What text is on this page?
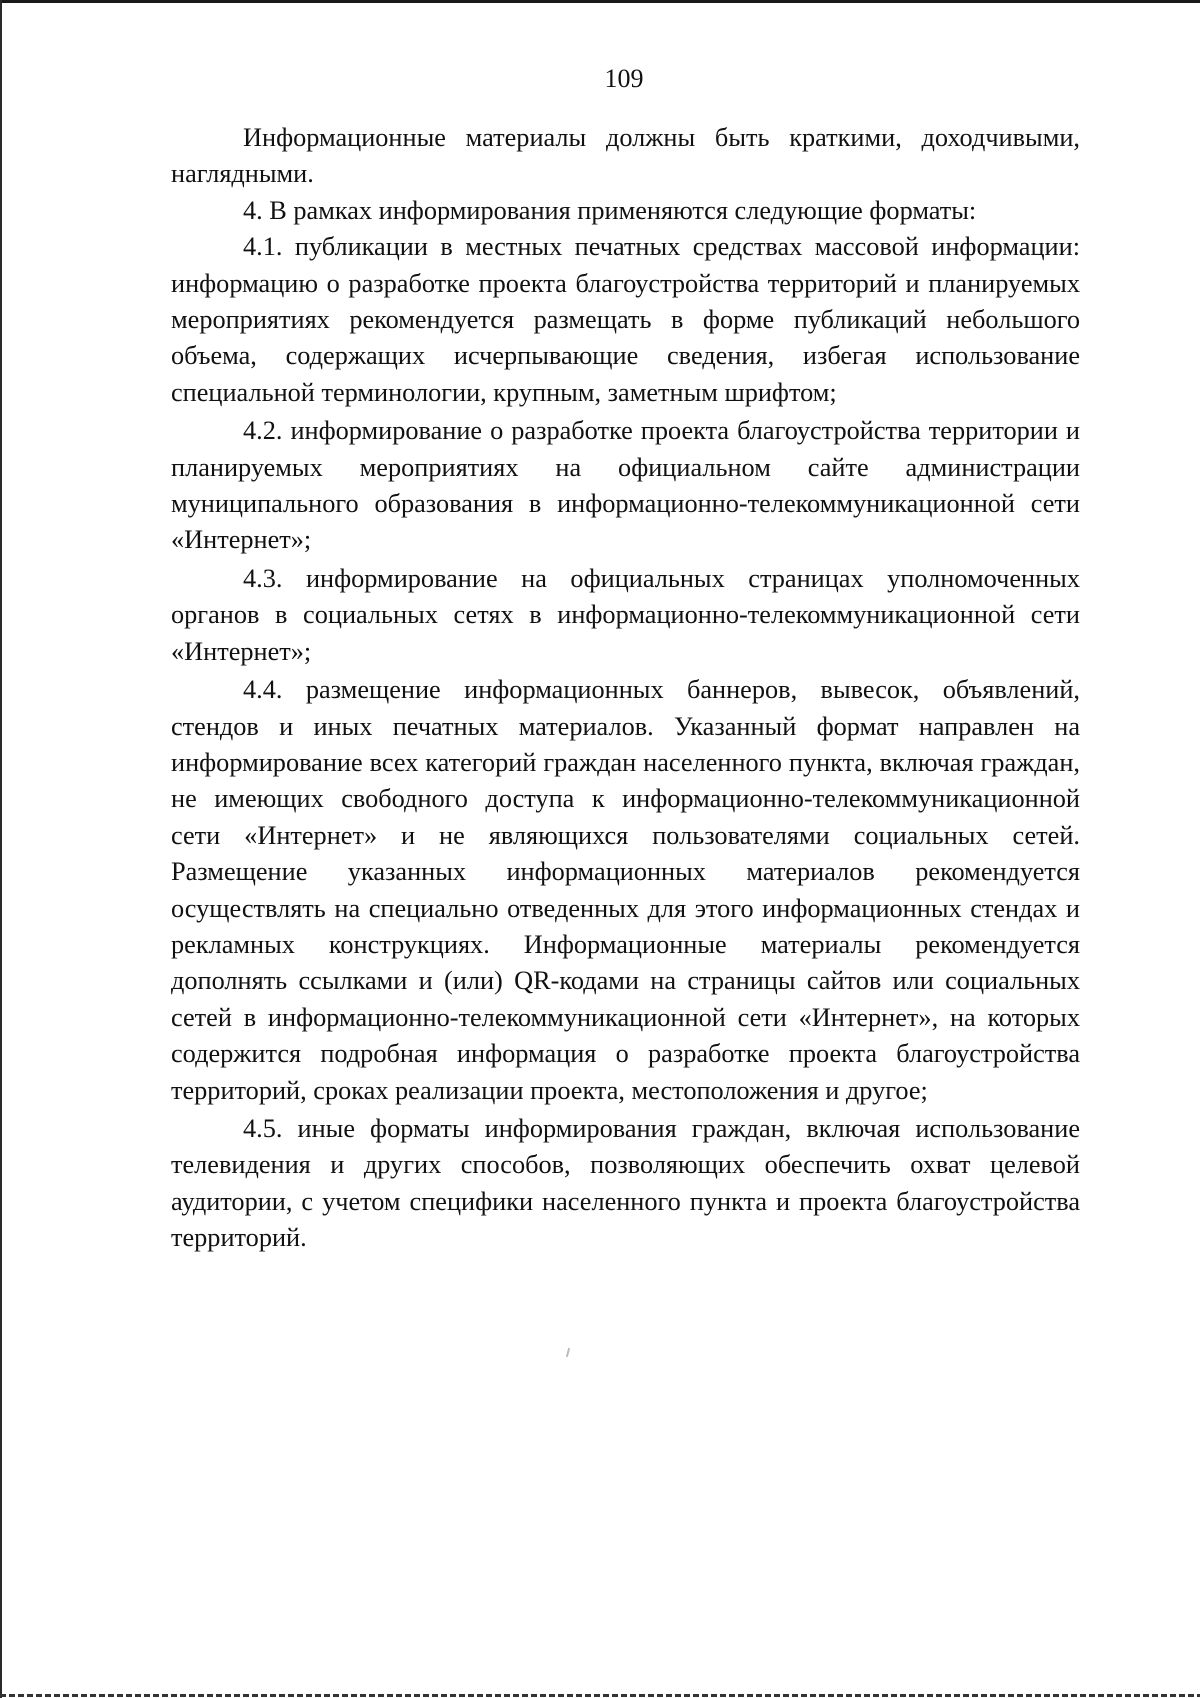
109

Информационные материалы должны быть краткими, доходчивыми, наглядными.

4. В рамках информирования применяются следующие форматы:

4.1. публикации в местных печатных средствах массовой информации: информацию о разработке проекта благоустройства территорий и планируемых мероприятиях рекомендуется размещать в форме публикаций небольшого объема, содержащих исчерпывающие сведения, избегая использование специальной терминологии, крупным, заметным шрифтом;

4.2. информирование о разработке проекта благоустройства территории и планируемых мероприятиях на официальном сайте администрации муниципального образования в информационно-телекоммуникационной сети «Интернет»;

4.3. информирование на официальных страницах уполномоченных органов в социальных сетях в информационно-телекоммуникационной сети «Интернет»;

4.4. размещение информационных баннеров, вывесок, объявлений, стендов и иных печатных материалов. Указанный формат направлен на информирование всех категорий граждан населенного пункта, включая граждан, не имеющих свободного доступа к информационно-телекоммуникационной сети «Интернет» и не являющихся пользователями социальных сетей. Размещение указанных информационных материалов рекомендуется осуществлять на специально отведенных для этого информационных стендах и рекламных конструкциях. Информационные материалы рекомендуется дополнять ссылками и (или) QR-кодами на страницы сайтов или социальных сетей в информационно-телекоммуникационной сети «Интернет», на которых содержится подробная информация о разработке проекта благоустройства территорий, сроках реализации проекта, местоположения и другое;

4.5. иные форматы информирования граждан, включая использование телевидения и других способов, позволяющих обеспечить охват целевой аудитории, с учетом специфики населенного пункта и проекта благоустройства территорий.
